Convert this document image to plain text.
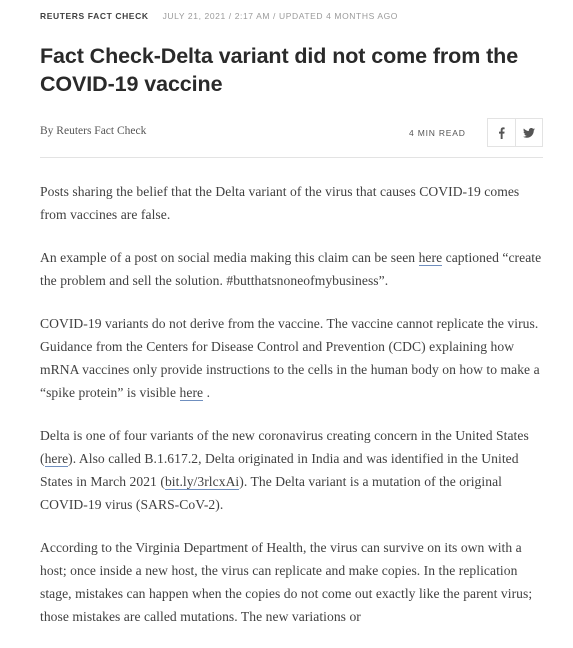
REUTERS FACT CHECK JULY 21, 2021 / 2:17 AM / UPDATED 4 MONTHS AGO
Fact Check-Delta variant did not come from the COVID-19 vaccine
By Reuters Fact Check	4 MIN READ

Posts sharing the belief that the Delta variant of the virus that causes COVID-19 comes from vaccines are false.

An example of a post on social media making this claim can be seen here captioned “create the problem and sell the solution. #butthatsnoneofmybusiness”.

COVID-19 variants do not derive from the vaccine. The vaccine cannot replicate the virus. Guidance from the Centers for Disease Control and Prevention (CDC) explaining how mRNA vaccines only provide instructions to the cells in the human body on how to make a “spike protein” is visible here .

Delta is one of four variants of the new coronavirus creating concern in the United States (here). Also called B.1.617.2, Delta originated in India and was identified in the United States in March 2021 (bit.ly/3rlcxAi). The Delta variant is a mutation of the original COVID-19 virus (SARS-CoV-2).

According to the Virginia Department of Health, the virus can survive on its own with a host; once inside a new host, the virus can replicate and make copies. In the replication stage, mistakes can happen when the copies do not come out exactly like the parent virus; those mistakes are called mutations. The new variations or
